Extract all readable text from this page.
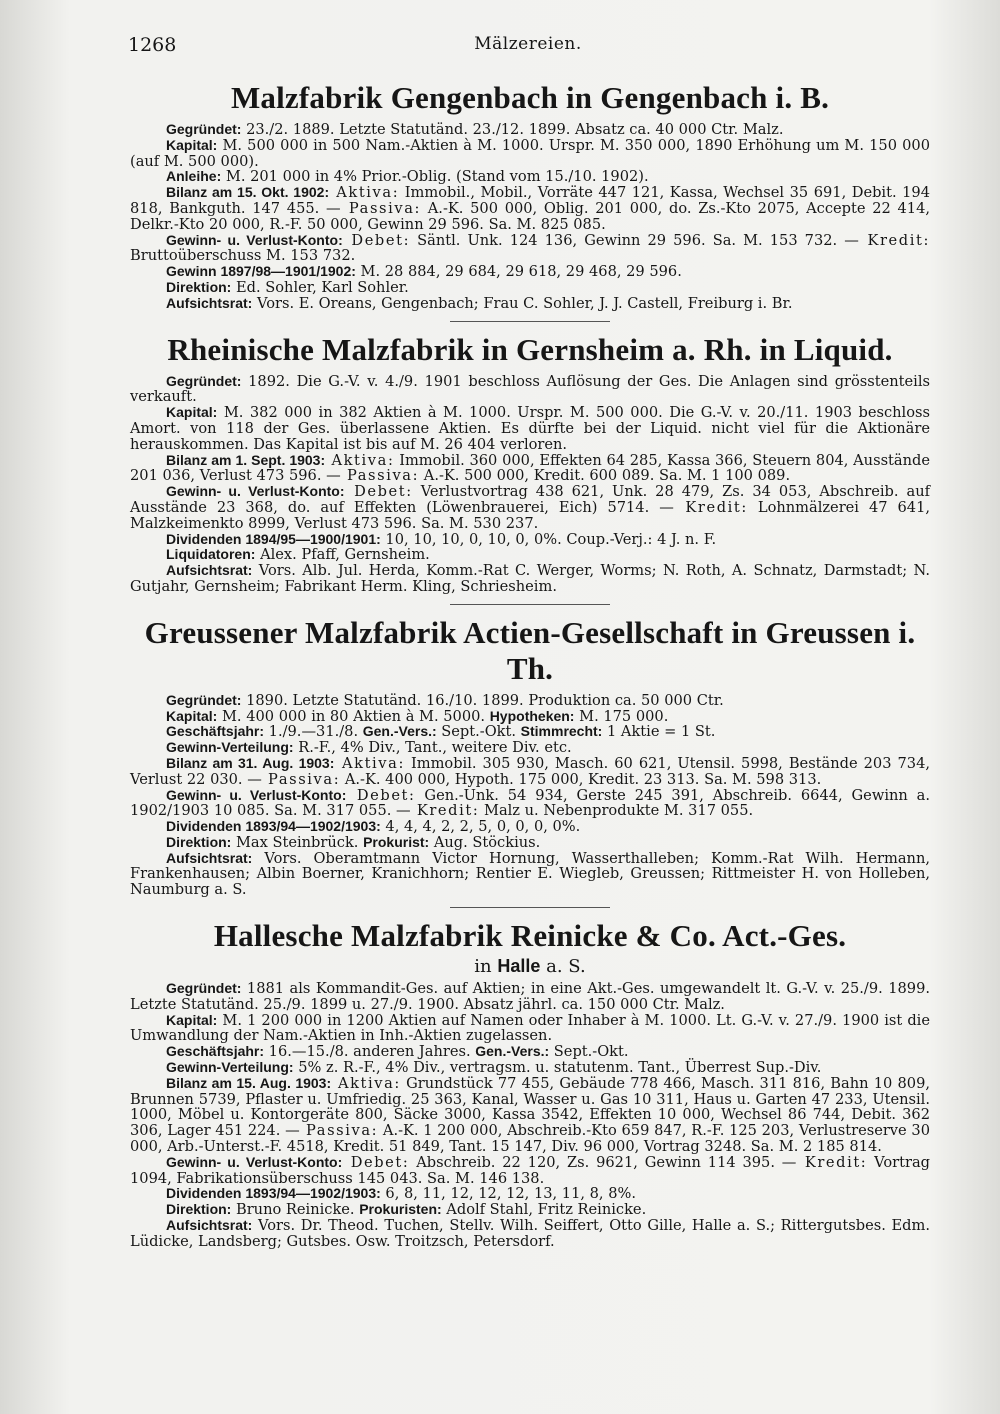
1268	Mälzereien.
Malzfabrik Gengenbach in Gengenbach i. B.

Gegründet: 23./2. 1889. Letzte Statutänd. 23./12. 1899. Absatz ca. 40 000 Ctr. Malz.

Kapital: M. 500 000 in 500 Nam.-Aktien à M. 1000. Urspr. M. 350 000, 1890 Erhöhung um M. 150 000 (auf M. 500 000).

Anleihe: M. 201 000 in 4% Prior.-Oblig. (Stand vom 15./10. 1902).

Bilanz am 15. Okt. 1902: Aktiva: Immobil., Mobil., Vorräte 447 121, Kassa, Wechsel 35 691, Debit. 194 818, Bankguth. 147 455. — Passiva: A.-K. 500 000, Oblig. 201 000, do. Zs.-Kto 2075, Accepte 22 414, Delkr.-Kto 20 000, R.-F. 50 000, Gewinn 29 596. Sa. M. 825 085.

Gewinn- u. Verlust-Konto: Debet: Säntl. Unk. 124 136, Gewinn 29 596. Sa. M. 153 732. — Kredit: Bruttoüberschuss M. 153 732.

Gewinn 1897/98—1901/1902: M. 28 884, 29 684, 29 618, 29 468, 29 596.

Direktion: Ed. Sohler, Karl Sohler.

Aufsichtsrat: Vors. E. Oreans, Gengenbach; Frau C. Sohler, J. J. Castell, Freiburg i. Br.

Rheinische Malzfabrik in Gernsheim a. Rh. in Liquid.

Gegründet: 1892. Die G.-V. v. 4./9. 1901 beschloss Auflösung der Ges. Die Anlagen sind grösstenteils verkauft.

Kapital: M. 382 000 in 382 Aktien à M. 1000. Urspr. M. 500 000. Die G.-V. v. 20./11. 1903 beschloss Amort. von 118 der Ges. überlassene Aktien. Es dürfte bei der Liquid. nicht viel für die Aktionäre herauskommen. Das Kapital ist bis auf M. 26 404 verloren.

Bilanz am 1. Sept. 1903: Aktiva: Immobil. 360 000, Effekten 64 285, Kassa 366, Steuern 804, Ausstände 201 036, Verlust 473 596. — Passiva: A.-K. 500 000, Kredit. 600 089. Sa. M. 1 100 089.

Gewinn- u. Verlust-Konto: Debet: Verlustvortrag 438 621, Unk. 28 479, Zs. 34 053, Abschreib. auf Ausstände 23 368, do. auf Effekten (Löwenbrauerei, Eich) 5714. — Kredit: Lohnmälzerei 47 641, Malzkeimenkto 8999, Verlust 473 596. Sa. M. 530 237.

Dividenden 1894/95—1900/1901: 10, 10, 10, 0, 10, 0, 0%. Coup.-Verj.: 4 J. n. F.

Liquidatoren: Alex. Pfaff, Gernsheim.

Aufsichtsrat: Vors. Alb. Jul. Herda, Komm.-Rat C. Werger, Worms; N. Roth, A. Schnatz, Darmstadt; N. Gutjahr, Gernsheim; Fabrikant Herm. Kling, Schriesheim.

Greussener Malzfabrik Actien-Gesellschaft in Greussen i. Th.

Gegründet: 1890. Letzte Statutänd. 16./10. 1899. Produktion ca. 50 000 Ctr.

Kapital: M. 400 000 in 80 Aktien à M. 5000. Hypotheken: M. 175 000.

Geschäftsjahr: 1./9.—31./8. Gen.-Vers.: Sept.-Okt. Stimmrecht: 1 Aktie = 1 St.

Gewinn-Verteilung: R.-F., 4% Div., Tant., weitere Div. etc.

Bilanz am 31. Aug. 1903: Aktiva: Immobil. 305 930, Masch. 60 621, Utensil. 5998, Bestände 203 734, Verlust 22 030. — Passiva: A.-K. 400 000, Hypoth. 175 000, Kredit. 23 313. Sa. M. 598 313.

Gewinn- u. Verlust-Konto: Debet: Gen.-Unk. 54 934, Gerste 245 391, Abschreib. 6644, Gewinn a. 1902/1903 10 085. Sa. M. 317 055. — Kredit: Malz u. Nebenprodukte M. 317 055.

Dividenden 1893/94—1902/1903: 4, 4, 4, 2, 2, 5, 0, 0, 0, 0%.

Direktion: Max Steinbrück. Prokurist: Aug. Stöckius.

Aufsichtsrat: Vors. Oberamtmann Victor Hornung, Wasserthalleben; Komm.-Rat Wilh. Hermann, Frankenhausen; Albin Boerner, Kranichhorn; Rentier E. Wiegleb, Greussen; Rittmeister H. von Holleben, Naumburg a. S.

Hallesche Malzfabrik Reinicke & Co. Act.-Ges.
in Halle a. S.

Gegründet: 1881 als Kommandit-Ges. auf Aktien; in eine Akt.-Ges. umgewandelt lt. G.-V. v. 25./9. 1899. Letzte Statutänd. 25./9. 1899 u. 27./9. 1900. Absatz jährl. ca. 150 000 Ctr. Malz.

Kapital: M. 1 200 000 in 1200 Aktien auf Namen oder Inhaber à M. 1000. Lt. G.-V. v. 27./9. 1900 ist die Umwandlung der Nam.-Aktien in Inh.-Aktien zugelassen.

Geschäftsjahr: 16.—15./8. anderen Jahres. Gen.-Vers.: Sept.-Okt.

Gewinn-Verteilung: 5% z. R.-F., 4% Div., vertragsm. u. statutenm. Tant., Überrest Sup.-Div.

Bilanz am 15. Aug. 1903: Aktiva: Grundstück 77 455, Gebäude 778 466, Masch. 311 816, Bahn 10 809, Brunnen 5739, Pflaster u. Umfriedig. 25 363, Kanal, Wasser u. Gas 10 311, Haus u. Garten 47 233, Utensil. 1000, Möbel u. Kontorgeräte 800, Säcke 3000, Kassa 3542, Effekten 10 000, Wechsel 86 744, Debit. 362 306, Lager 451 224. — Passiva: A.-K. 1 200 000, Abschreib.-Kto 659 847, R.-F. 125 203, Verlustreserve 30 000, Arb.-Unterst.-F. 4518, Kredit. 51 849, Tant. 15 147, Div. 96 000, Vortrag 3248. Sa. M. 2 185 814.

Gewinn- u. Verlust-Konto: Debet: Abschreib. 22 120, Zs. 9621, Gewinn 114 395. — Kredit: Vortrag 1094, Fabrikationsüberschuss 145 043. Sa. M. 146 138.

Dividenden 1893/94—1902/1903: 6, 8, 11, 12, 12, 12, 13, 11, 8, 8%.

Direktion: Bruno Reinicke. Prokuristen: Adolf Stahl, Fritz Reinicke.

Aufsichtsrat: Vors. Dr. Theod. Tuchen, Stellv. Wilh. Seiffert, Otto Gille, Halle a. S.; Rittergutsbes. Edm. Lüdicke, Landsberg; Gutsbes. Osw. Troitzsch, Petersdorf.
